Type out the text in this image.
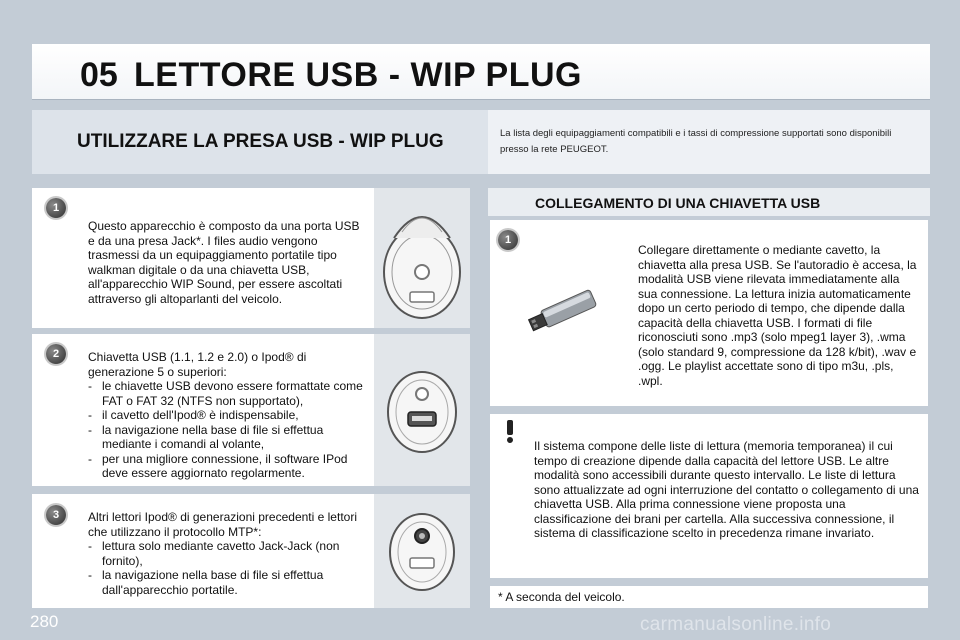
05 LETTORE USB - WIP PLUG
UTILIZZARE LA PRESA USB - WIP PLUG	La lista degli equipaggiamenti compatibili e i tassi di compressione supportati sono disponibili presso la rete PEUGEOT.
1
Questo apparecchio è composto da una porta USB e da una presa Jack*. I files audio vengono trasmessi da un equipaggiamento portatile tipo walkman digitale o da una chiavetta USB, all'apparecchio WIP Sound, per essere ascoltati attraverso gli altoparlanti del veicolo.
2	Chiavetta USB (1.1, 1.2 e 2.0) o Ipod® di generazione 5 o superiori:
- le chiavette USB devono essere formattate come FAT o FAT 32 (NTFS non supportato),
- il cavetto dell'Ipod® è indispensabile,
- la navigazione nella base di file si effettua mediante i comandi al volante,
- per una migliore connessione, il software IPod deve essere aggiornato regolarmente.
3	Altri lettori Ipod® di generazioni precedenti e lettori che utilizzano il protocollo MTP*:
- lettura solo mediante cavetto Jack-Jack (non fornito),
- la navigazione nella base di file si effettua dall'apparecchio portatile.
COLLEGAMENTO DI UNA CHIAVETTA USB
1
Collegare direttamente o mediante cavetto, la chiavetta alla presa USB. Se l'autoradio è accesa, la modalità USB viene rilevata immediatamente alla sua connessione. La lettura inizia automaticamente dopo un certo periodo di tempo, che dipende dalla capacità della chiavetta USB. I formati di file riconosciuti sono .mp3 (solo mpeg1 layer 3), .wma (solo standard 9, compressione da 128 k/bit), .wav e .ogg. Le playlist accettate sono di tipo m3u, .pls, .wpl.
Il sistema compone delle liste di lettura (memoria temporanea) il cui tempo di creazione dipende dalla capacità del lettore USB. Le altre modalità sono accessibili durante questo intervallo. Le liste di lettura sono attualizzate ad ogni interruzione del contatto o collegamento di una chiavetta USB. Alla prima connessione viene proposta una classificazione dei brani per cartella. Alla successiva connessione, il sistema di classificazione scelto in precedenza rimane invariato.
* A seconda del veicolo.
280	carmanualsonline.info
